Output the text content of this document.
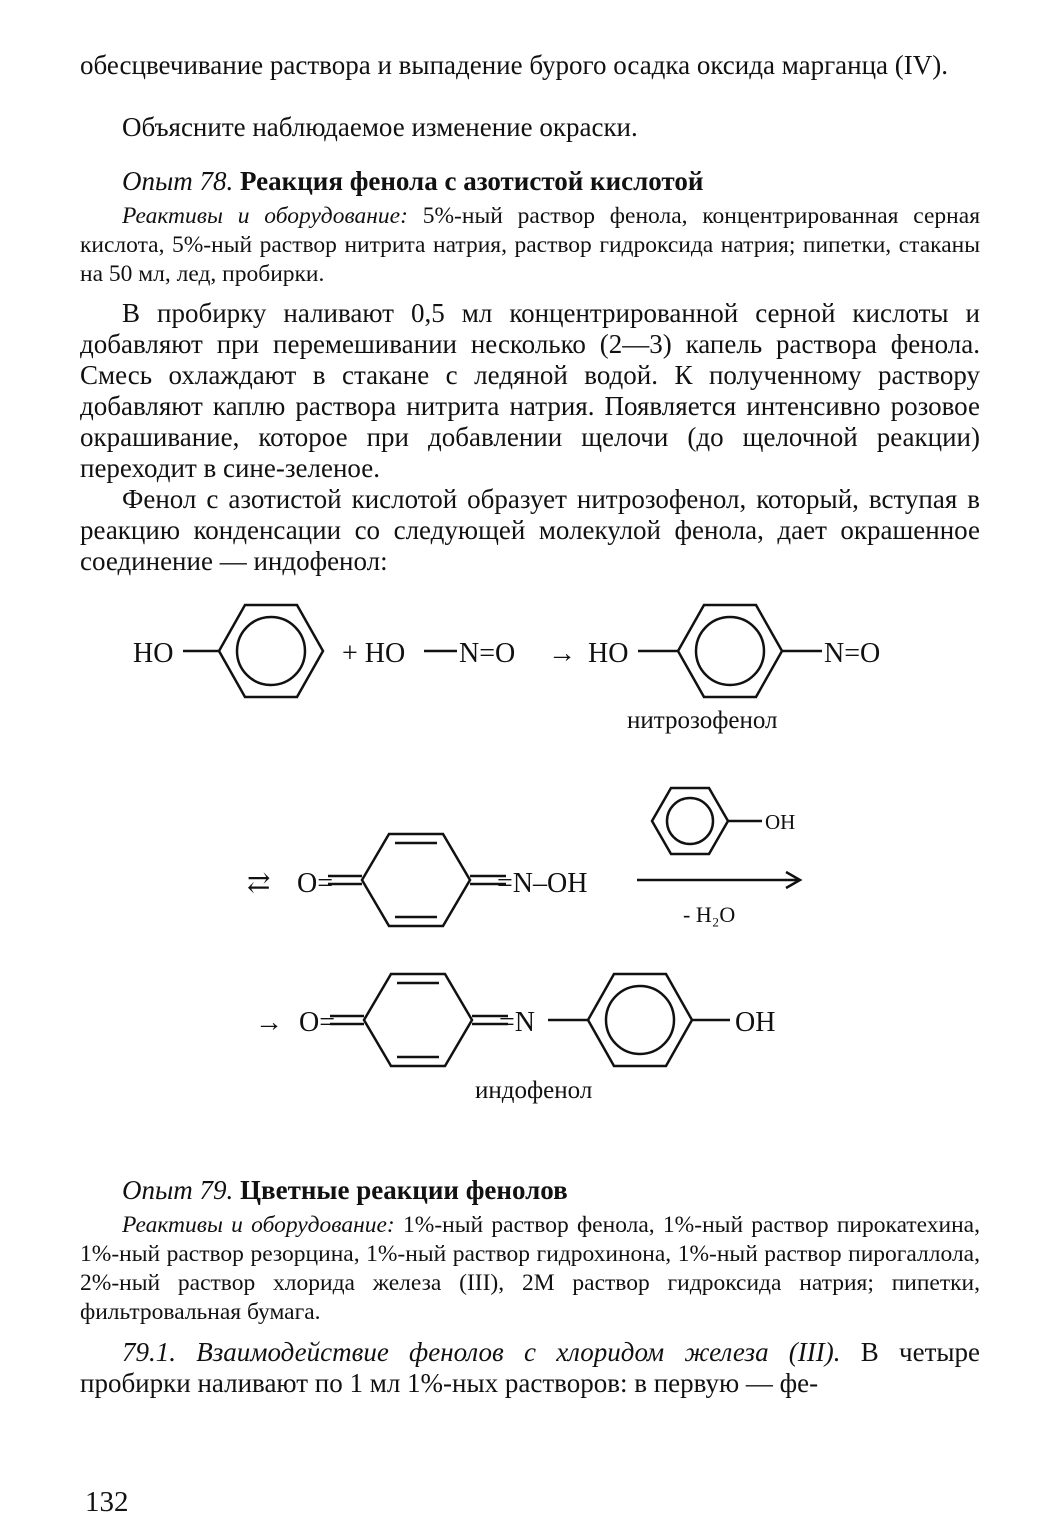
обесцвечивание раствора и выпадение бурого осадка оксида марганца (IV).

Объясните наблюдаемое изменение окраски.

Опыт 78. Реакция фенола с азотистой кислотой

Реактивы и оборудование: 5%-ный раствор фенола, концентрированная серная кислота, 5%-ный раствор нитрита натрия, раствор гидроксида натрия; пипетки, стаканы на 50 мл, лед, пробирки.

В пробирку наливают 0,5 мл концентрированной серной кислоты и добавляют при перемешивании несколько (2—3) капель раствора фенола. Смесь охлаждают в стакане с ледяной водой. К полученному раствору добавляют каплю раствора нитрита натрия. Появляется интенсивно розовое окрашивание, которое при добавлении щелочи (до щелочной реакции) переходит в сине-зеленое.

Фенол с азотистой кислотой образует нитрозофенол, который, вступая в реакцию конденсации со следующей молекулой фенола, дает окрашенное соединение — индофенол:

HO	+ HO N=O → HO	N=O
⇄ O=	=N–OH
→ O=	=N	OH
OH
- H₂O
нитрозофенол
индофенол
Опыт 79. Цветные реакции фенолов

Реактивы и оборудование: 1%-ный раствор фенола, 1%-ный раствор пирокатехина, 1%-ный раствор резорцина, 1%-ный раствор гидрохинона, 1%-ный раствор пирогаллола, 2%-ный раствор хлорида железа (III), 2М раствор гидроксида натрия; пипетки, фильтровальная бумага.

79.1. Взаимодействие фенолов с хлоридом железа (III). В четыре пробирки наливают по 1 мл 1%-ных растворов: в первую — фе-

132
